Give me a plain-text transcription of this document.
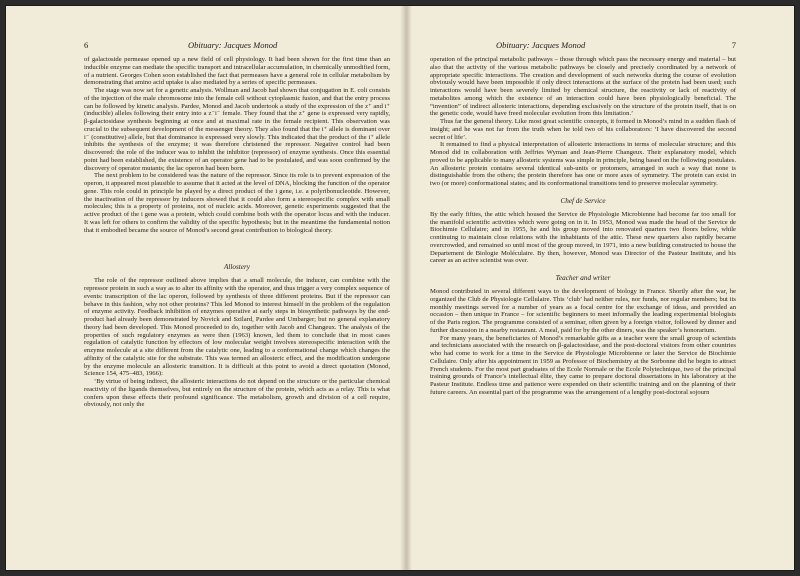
6	Obituary: Jacques Monod

of galactoside permease opened up a new field of cell physiology. It had been shown for the first time than an inducible enzyme can mediate the specific transport and intracellular accumulation, in chemically unmodified form, of a nutrient. Georges Cohen soon established the fact that permeases have a general role in cellular metabolism by demonstrating that amino acid uptake is also mediated by a series of specific permeases.

The stage was now set for a genetic analysis. Wollman and Jacob had shown that conjugation in E. coli consists of the injection of the male chromosome into the female cell without cytoplasmic fusion, and that the entry process can be followed by kinetic analysis. Pardee, Monod and Jacob undertook a study of the expression of the z⁺ and i⁺ (inducible) alleles following their entry into a z⁻i⁻ female. They found that the z⁺ gene is expressed very rapidly, β-galactosidase synthesis beginning at once and at maximal rate in the female recipient. This observation was crucial to the subsequent development of the messenger theory. They also found that the i⁺ allele is dominant over i⁻ (constitutive) allele, but that dominance is expressed very slowly. This indicated that the product of the i⁺ allele inhibits the synthesis of the enzyme; it was therefore christened the repressor. Negative control had been discovered: the role of the inducer was to inhibit the inhibitor (repressor) of enzyme synthesis. Once this essential point had been established, the existence of an operator gene had to be postulated, and was soon confirmed by the discovery of operator mutants; the lac operon had been born.

The next problem to be considered was the nature of the repressor. Since its role is to prevent expression of the operon, it appeared most plausible to assume that it acted at the level of DNA, blocking the function of the operator gene. This role could in principle be played by a direct product of the i gene, i.e. a polyribonucleotide. However, the inactivation of the repressor by inducers showed that it could also form a stereospecific complex with small molecules; this is a property of proteins, not of nucleic acids. Moreover, genetic experiments suggested that the active product of the i gene was a protein, which could combine both with the operator locus and with the inducer. It was left for others to confirm the validity of the specific hypothesis; but in the meantime the fundamental notion that it embodied became the source of Monod’s second great contribution to biological theory.

Allostery

The role of the repressor outlined above implies that a small molecule, the inducer, can combine with the repressor protein in such a way as to alter its affinity with the operator, and thus trigger a very complex sequence of events: transcription of the lac operon, followed by synthesis of three different proteins. But if the repressor can behave in this fashion, why not other proteins? This led Monod to interest himself in the problem of the regulation of enzyme activity. Feedback inhibition of enzymes operative at early steps in biosynthetic pathways by the end-product had already been demonstrated by Novick and Szilard, Pardee and Umbarger; but no general explanatory theory had been developed. This Monod proceeded to do, together with Jacob and Changeux. The analysis of the properties of such regulatory enzymes as were then (1963) known, led them to conclude that in most cases regulation of catalytic function by effectors of low molecular weight involves stereospecific interaction with the enzyme molecule at a site different from the catalytic one, leading to a conformational change which changes the affinity of the catalytic site for the substrate. This was termed an allosteric effect, and the modification undergone by the enzyme molecule an allosteric transition. It is difficult at this point to avoid a direct quotation (Monod, Science 154, 475–483, 1966):

‘By virtue of being indirect, the allosteric interactions do not depend on the structure or the particular chemical reactivity of the ligands themselves, but entirely on the structure of the protein, which acts as a relay. This is what confers upon these effects their profound significance. The metabolism, growth and division of a cell require, obviously, not only the

Obituary: Jacques Monod	7

operation of the principal metabolic pathways – those through which pass the necessary energy and material – but also that the activity of the various metabolic pathways be closely and precisely coordinated by a network of appropriate specific interactions. The creation and development of such networks during the course of evolution obviously would have been impossible if only direct interactions at the surface of the protein had been used; such interactions would have been severely limited by chemical structure, the reactivity or lack of reactivity of metabolites among which the existence of an interaction could have been physiologically beneficial. The “invention” of indirect allosteric interactions, depending exclusively on the structure of the protein itself, that is on the genetic code, would have freed molecular evolution from this limitation.’

Thus far the general theory. Like most great scientific concepts, it formed in Monod’s mind in a sudden flash of insight; and he was not far from the truth when he told two of his collaborators: ‘I have discovered the second secret of life’.

It remained to find a physical interpretation of allosteric interactions in terms of molecular structure; and this Monod did in collaboration with Jeffries Wyman and Jean-Pierre Changeux. Their explanatory model, which proved to be applicable to many allosteric systems was simple in principle, being based on the following postulates. An allosteric protein contains several identical sub-units or protomers, arranged in such a way that none is distinguishable from the others; the protein therefore has one or more axes of symmetry. The protein can exist in two (or more) conformational states; and its conformational transitions tend to preserve molecular symmetry.

Chef de Service

By the early fifties, the attic which housed the Service de Physiologie Microbienne had become far too small for the manifold scientific activities which were going on in it. In 1953, Monod was made the head of the Service de Biochimie Cellulaire; and in 1955, he and his group moved into renovated quarters two floors below, while continuing to maintain close relations with the inhabitants of the attic. These new quarters also rapidly became overcrowded, and remained so until most of the group moved, in 1971, into a new building constructed to house the Departement de Biologie Moléculaire. By then, however, Monod was Director of the Pasteur Institute, and his career as an active scientist was over.

Teacher and writer

Monod contributed in several different ways to the development of biology in France. Shortly after the war, he organized the Club de Physiologie Cellulaire. This ‘club’ had neither rules, nor funds, nor regular members; but its monthly meetings served for a number of years as a focal centre for the exchange of ideas, and provided an occasion – then unique in France – for scientific beginners to meet informally the leading experimental biologists of the Paris region. The programme consisted of a seminar, often given by a foreign visitor, followed by dinner and further discussion in a nearby restaurant. A meal, paid for by the other diners, was the speaker’s honorarium.

For many years, the beneficiaries of Monod’s remarkable gifts as a teacher were the small group of scientists and technicians associated with the research on β-galactosidase, and the post-doctoral visitors from other countries who had come to work for a time in the Service de Physiologie Microbienne or later the Service de Biochimie Cellulaire. Only after his appointment in 1959 as Professor of Biochemistry at the Sorbonne did he begin to attract French students. For the most part graduates of the Ecole Normale or the Ecole Polytechnique, two of the principal training grounds of France’s intellectual élite, they came to prepare doctoral dissertations in his laboratory at the Pasteur Institute. Endless time and patience were expended on their scientific training and on the planning of their future careers. An essential part of the programme was the arrangement of a lengthy post-doctoral sojourn
